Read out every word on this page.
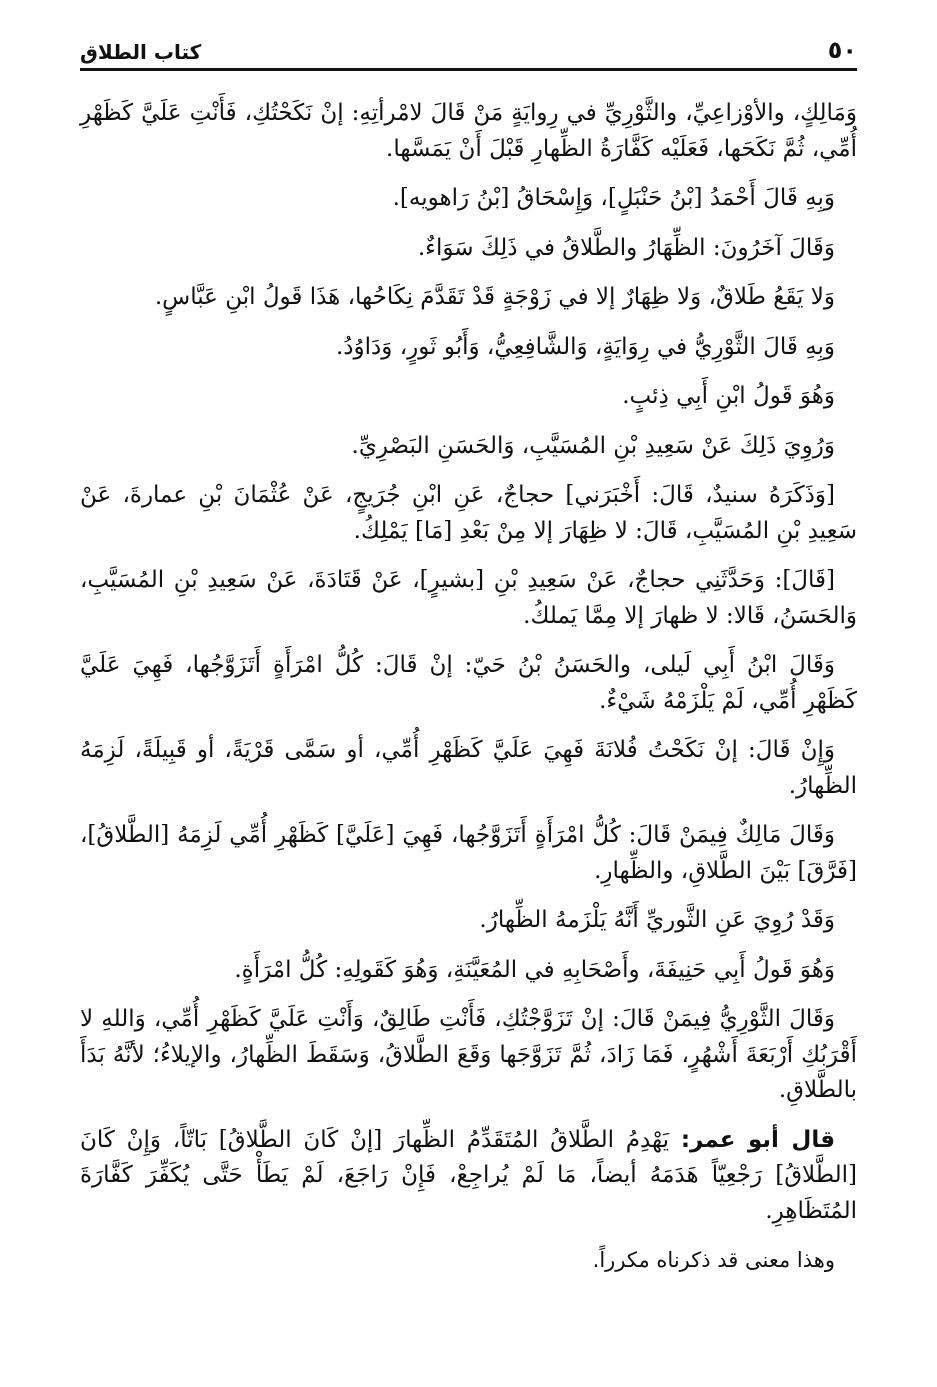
٥٠
كتاب الطلاق

وَمَالِكٍ، والأوْزاعِيِّ، والثَّوْرِيِّ في رِوايَةٍ مَنْ قَالَ لامْرأتِهِ: إنْ نَكَحْتُكِ، فَأَنْتِ عَلَيَّ كَظَهْرِ أُمِّي، ثُمَّ نَكَحَها، فَعَلَيْه كَفَّارَةُ الظِّهارِ قَبْلَ أَنْ يَمَسَّها.

وَبِهِ قَالَ أَحْمَدُ [بْنُ حَنْبَلٍ]، وَإِسْحَاقُ [بْنُ رَاهويه].

وَقَالَ آخَرُونَ: الظِّهَارُ والطَّلاقُ في ذَلِكَ سَوَاءٌ.

وَلا يَقَعُ طَلاقٌ، وَلا ظِهَارٌ إلا في زَوْجَةٍ قَدْ تَقَدَّمَ نِكَاحُها، هَذَا قَولُ ابْنِ عَبَّاسٍ.

وَبِهِ قَالَ الثَّوْرِيُّ في رِوَايَةٍ، وَالشَّافِعِيُّ، وَأَبُو ثَورٍ، وَدَاوُدُ.

وَهُوَ قَولُ ابْنِ أَبِي ذِئبٍ.

وَرُوِيَ ذَلِكَ عَنْ سَعِيدِ بْنِ المُسَيَّبِ، وَالحَسَنِ البَصْرِيِّ.

[وَذَكَرَهُ سنيدٌ، قَالَ: أَخْبَرَني] حجاجٌ، عَنِ ابْنِ جُرَيجٍ، عَنْ عُثْمَانَ بْنِ عمارةَ، عَنْ سَعِيدِ بْنِ المُسَيَّبِ، قَالَ: لا ظِهَارَ إلا مِنْ بَعْدِ [مَا] يَمْلِكُ.

[قَالَ]: وَحَدَّثَنِي حجاجٌ، عَنْ سَعِيدِ بْنِ [بشيرٍ]، عَنْ قَتَادَةَ، عَنْ سَعِيدِ بْنِ المُسَيَّبِ، وَالحَسَنُ، قَالا: لا ظهارَ إلا مِمَّا يَملكُ.

وَقَالَ ابْنُ أَبِي لَيلى، والحَسَنُ بْنُ حَيّ: إنْ قَالَ: كُلُّ امْرَأَةٍ أَتَزَوَّجُها، فَهِيَ عَلَيَّ كَظَهْرِ أُمِّي، لَمْ يَلْزَمْهُ شَيْءٌ.

وَإِنْ قَالَ: إنْ نَكَحْتُ فُلانَةَ فَهِيَ عَلَيَّ كَظَهْرِ أُمِّي، أو سَمَّى قَرْيَةً، أو قَبِيلَةً، لَزِمَهُ الظِّهارُ.

وَقَالَ مَالِكٌ فِيمَنْ قَالَ: كُلُّ امْرَأَةٍ أَتَزَوَّجُها، فَهِيَ [عَلَيَّ] كَظَهْرِ أُمِّي لَزِمَهُ [الطَّلاقُ]، [فَرَّقَ] بَيْنَ الطَّلاقِ، والظِّهارِ.

وَقَدْ رُوِيَ عَنِ الثَّوريِّ أَنَّهُ يَلْزَمهُ الظِّهارُ.

وَهُوَ قَولُ أَبِي حَنِيفَةَ، وأَصْحَابِهِ في المُعَيَّنَةِ، وَهُوَ كَقَولِهِ: كُلُّ امْرَأَةٍ.

وَقَالَ الثَّوْرِيُّ فِيمَنْ قَالَ: إنْ تَزَوَّجْتُكِ، فَأَنْتِ طَالِقٌ، وَأَنْتِ عَلَيَّ كَظَهْرِ أُمِّي، وَاللهِ لا أَقْرَبُكِ أَرْبَعَةَ أَشْهُرٍ، فَمَا زَادَ، ثُمَّ تَزَوَّجَها وَقَعَ الطَّلاقُ، وَسَقَطَ الظِّهارُ، والإيلاءُ؛ لأنَّهُ بَدَأَ بالطَّلاقِ.

قال أبو عمر: يَهْدِمُ الطَّلاقُ المُتَقَدِّمُ الظِّهارَ [إنْ كَانَ الطَّلاقُ] بَاتّاً، وَإِنْ كَانَ [الطَّلاقُ] رَجْعِيّاً هَدَمَهُ أيضاً، مَا لَمْ يُراجِعْ، فَإِنْ رَاجَعَ، لَمْ يَطَأْ حَتَّى يُكَفِّرَ كَفَّارَةَ المُتَظَاهِرِ.

وهذا معنى قد ذكرناه مكرراً.
